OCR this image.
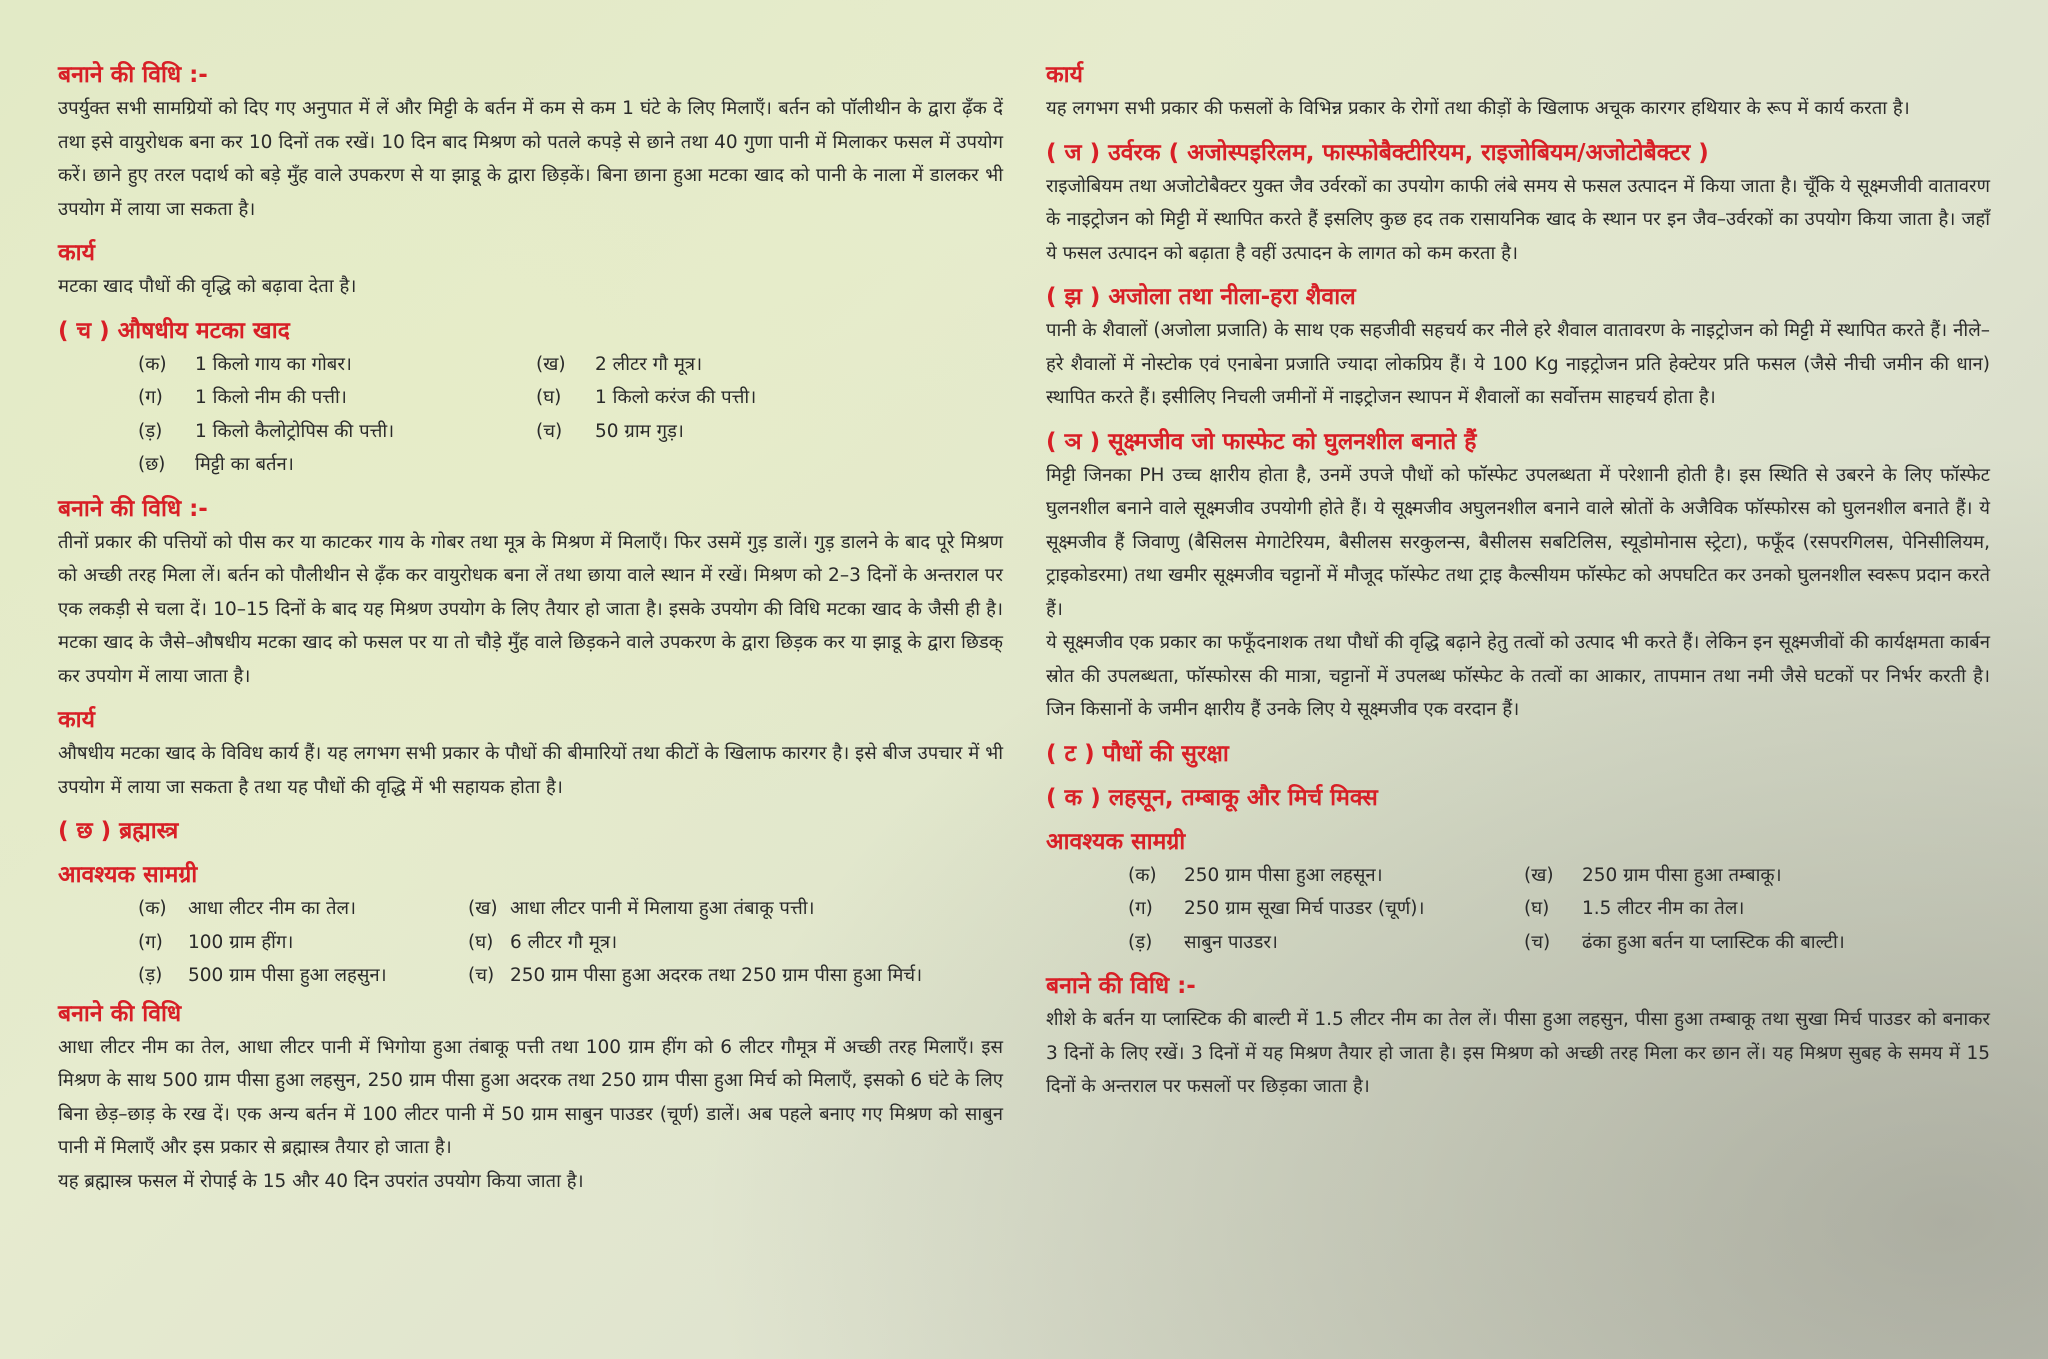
बनाने की विधि :-

उपर्युक्त सभी सामग्रियों को दिए गए अनुपात में लें और मिट्टी के बर्तन में कम से कम 1 घंटे के लिए मिलाएँ। बर्तन को पॉलीथीन के द्वारा ढ़ँक दें तथा इसे वायुरोधक बना कर 10 दिनों तक रखें। 10 दिन बाद मिश्रण को पतले कपड़े से छाने तथा 40 गुणा पानी में मिलाकर फसल में उपयोग करें। छाने हुए तरल पदार्थ को बड़े मुँह वाले उपकरण से या झाडू के द्वारा छिड़कें। बिना छाना हुआ मटका खाद को पानी के नाला में डालकर भी उपयोग में लाया जा सकता है।

कार्य

मटका खाद पौधों की वृद्धि को बढ़ावा देता है।

( च ) औषधीय मटका खाद
(क) 1 किलो गाय का गोबर।	(ख) 2 लीटर गौ मूत्र।
(ग) 1 किलो नीम की पत्ती।	(घ) 1 किलो करंज की पत्ती।
(ड़) 1 किलो कैलोट्रोपिस की पत्ती।	(च) 50 ग्राम गुड़।
(छ) मिट्टी का बर्तन।
बनाने की विधि :-

तीनों प्रकार की पत्तियों को पीस कर या काटकर गाय के गोबर तथा मूत्र के मिश्रण में मिलाएँ। फिर उसमें गुड़ डालें। गुड़ डालने के बाद पूरे मिश्रण को अच्छी तरह मिला लें। बर्तन को पौलीथीन से ढ़ँक कर वायुरोधक बना लें तथा छाया वाले स्थान में रखें। मिश्रण को 2–3 दिनों के अन्तराल पर एक लकड़ी से चला दें। 10–15 दिनों के बाद यह मिश्रण उपयोग के लिए तैयार हो जाता है। इसके उपयोग की विधि मटका खाद के जैसी ही है। मटका खाद के जैसे–औषधीय मटका खाद को फसल पर या तो चौड़े मुँह वाले छिड़कने वाले उपकरण के द्वारा छिड़क कर या झाडू के द्वारा छिडक् कर उपयोग में लाया जाता है।

कार्य

औषधीय मटका खाद के विविध कार्य हैं। यह लगभग सभी प्रकार के पौधों की बीमारियों तथा कीटों के खिलाफ कारगर है। इसे बीज उपचार में भी उपयोग में लाया जा सकता है तथा यह पौधों की वृद्धि में भी सहायक होता है।

( छ ) ब्रह्मास्त्र
आवश्यक सामग्री
(क) आधा लीटर नीम का तेल।	(ख) आधा लीटर पानी में मिलाया हुआ तंबाकू पत्ती।
(ग) 100 ग्राम हींग।	(घ) 6 लीटर गौ मूत्र।
(ड़) 500 ग्राम पीसा हुआ लहसुन।	(च) 250 ग्राम पीसा हुआ अदरक तथा 250 ग्राम पीसा हुआ मिर्च।
बनाने की विधि

आधा लीटर नीम का तेल, आधा लीटर पानी में भिगोया हुआ तंबाकू पत्ती तथा 100 ग्राम हींग को 6 लीटर गौमूत्र में अच्छी तरह मिलाएँ। इस मिश्रण के साथ 500 ग्राम पीसा हुआ लहसुन, 250 ग्राम पीसा हुआ अदरक तथा 250 ग्राम पीसा हुआ मिर्च को मिलाएँ, इसको 6 घंटे के लिए बिना छेड़–छाड़ के रख दें। एक अन्य बर्तन में 100 लीटर पानी में 50 ग्राम साबुन पाउडर (चूर्ण) डालें। अब पहले बनाए गए मिश्रण को साबुन पानी में मिलाएँ और इस प्रकार से ब्रह्मास्त्र तैयार हो जाता है।

यह ब्रह्मास्त्र फसल में रोपाई के 15 और 40 दिन उपरांत उपयोग किया जाता है।

कार्य

यह लगभग सभी प्रकार की फसलों के विभिन्न प्रकार के रोगों तथा कीड़ों के खिलाफ अचूक कारगर हथियार के रूप में कार्य करता है।

( ज ) उर्वरक ( अजोस्पइरिलम, फास्फोबैक्टीरियम, राइजोबियम/अजोटोबैक्टर )

राइजोबियम तथा अजोटोबैक्टर युक्त जैव उर्वरकों का उपयोग काफी लंबे समय से फसल उत्पादन में किया जाता है। चूँकि ये सूक्ष्मजीवी वातावरण के नाइट्रोजन को मिट्टी में स्थापित करते हैं इसलिए कुछ हद तक रासायनिक खाद के स्थान पर इन जैव–उर्वरकों का उपयोग किया जाता है। जहाँ ये फसल उत्पादन को बढ़ाता है वहीं उत्पादन के लागत को कम करता है।

( झ ) अजोला तथा नीला-हरा शैवाल

पानी के शैवालों (अजोला प्रजाति) के साथ एक सहजीवी सहचर्य कर नीले हरे शैवाल वातावरण के नाइट्रोजन को मिट्टी में स्थापित करते हैं। नीले–हरे शैवालों में नोस्टोक एवं एनाबेना प्रजाति ज्यादा लोकप्रिय हैं। ये 100 Kg नाइट्रोजन प्रति हेक्टेयर प्रति फसल (जैसे नीची जमीन की धान) स्थापित करते हैं। इसीलिए निचली जमीनों में नाइट्रोजन स्थापन में शैवालों का सर्वोत्तम साहचर्य होता है।

( ञ ) सूक्ष्मजीव जो फास्फेट को घुलनशील बनाते हैं

मिट्टी जिनका PH उच्च क्षारीय होता है, उनमें उपजे पौधों को फॉस्फेट उपलब्धता में परेशानी होती है। इस स्थिति से उबरने के लिए फॉस्फेट घुलनशील बनाने वाले सूक्ष्मजीव उपयोगी होते हैं। ये सूक्ष्मजीव अघुलनशील बनाने वाले स्रोतों के अजैविक फॉस्फोरस को घुलनशील बनाते हैं। ये सूक्ष्मजीव हैं जिवाणु (बैसिलस मेगाटेरियम, बैसीलस सरकुलन्स, बैसीलस सबटिलिस, स्यूडोमोनास स्ट्रेटा), फफूँद (रसपरगिलस, पेनिसीलियम, ट्राइकोडरमा) तथा खमीर सूक्ष्मजीव चट्टानों में मौजूद फॉस्फेट तथा ट्राइ कैल्सीयम फॉस्फेट को अपघटित कर उनको घुलनशील स्वरूप प्रदान करते हैं।

ये सूक्ष्मजीव एक प्रकार का फफूँदनाशक तथा पौधों की वृद्धि बढ़ाने हेतु तत्वों को उत्पाद भी करते हैं। लेकिन इन सूक्ष्मजीवों की कार्यक्षमता कार्बन स्रोत की उपलब्धता, फॉस्फोरस की मात्रा, चट्टानों में उपलब्ध फॉस्फेट के तत्वों का आकार, तापमान तथा नमी जैसे घटकों पर निर्भर करती है। जिन किसानों के जमीन क्षारीय हैं उनके लिए ये सूक्ष्मजीव एक वरदान हैं।

( ट ) पौधों की सुरक्षा
( क ) लहसून, तम्बाकू और मिर्च मिक्स
आवश्यक सामग्री
(क) 250 ग्राम पीसा हुआ लहसून।	(ख) 250 ग्राम पीसा हुआ तम्बाकू।
(ग) 250 ग्राम सूखा मिर्च पाउडर (चूर्ण)।	(घ) 1.5 लीटर नीम का तेल।
(ड़) साबुन पाउडर।	(च) ढंका हुआ बर्तन या प्लास्टिक की बाल्टी।
बनाने की विधि :-

शीशे के बर्तन या प्लास्टिक की बाल्टी में 1.5 लीटर नीम का तेल लें। पीसा हुआ लहसुन, पीसा हुआ तम्बाकू तथा सुखा मिर्च पाउडर को बनाकर 3 दिनों के लिए रखें। 3 दिनों में यह मिश्रण तैयार हो जाता है। इस मिश्रण को अच्छी तरह मिला कर छान लें। यह मिश्रण सुबह के समय में 15 दिनों के अन्तराल पर फसलों पर छिड़का जाता है।
